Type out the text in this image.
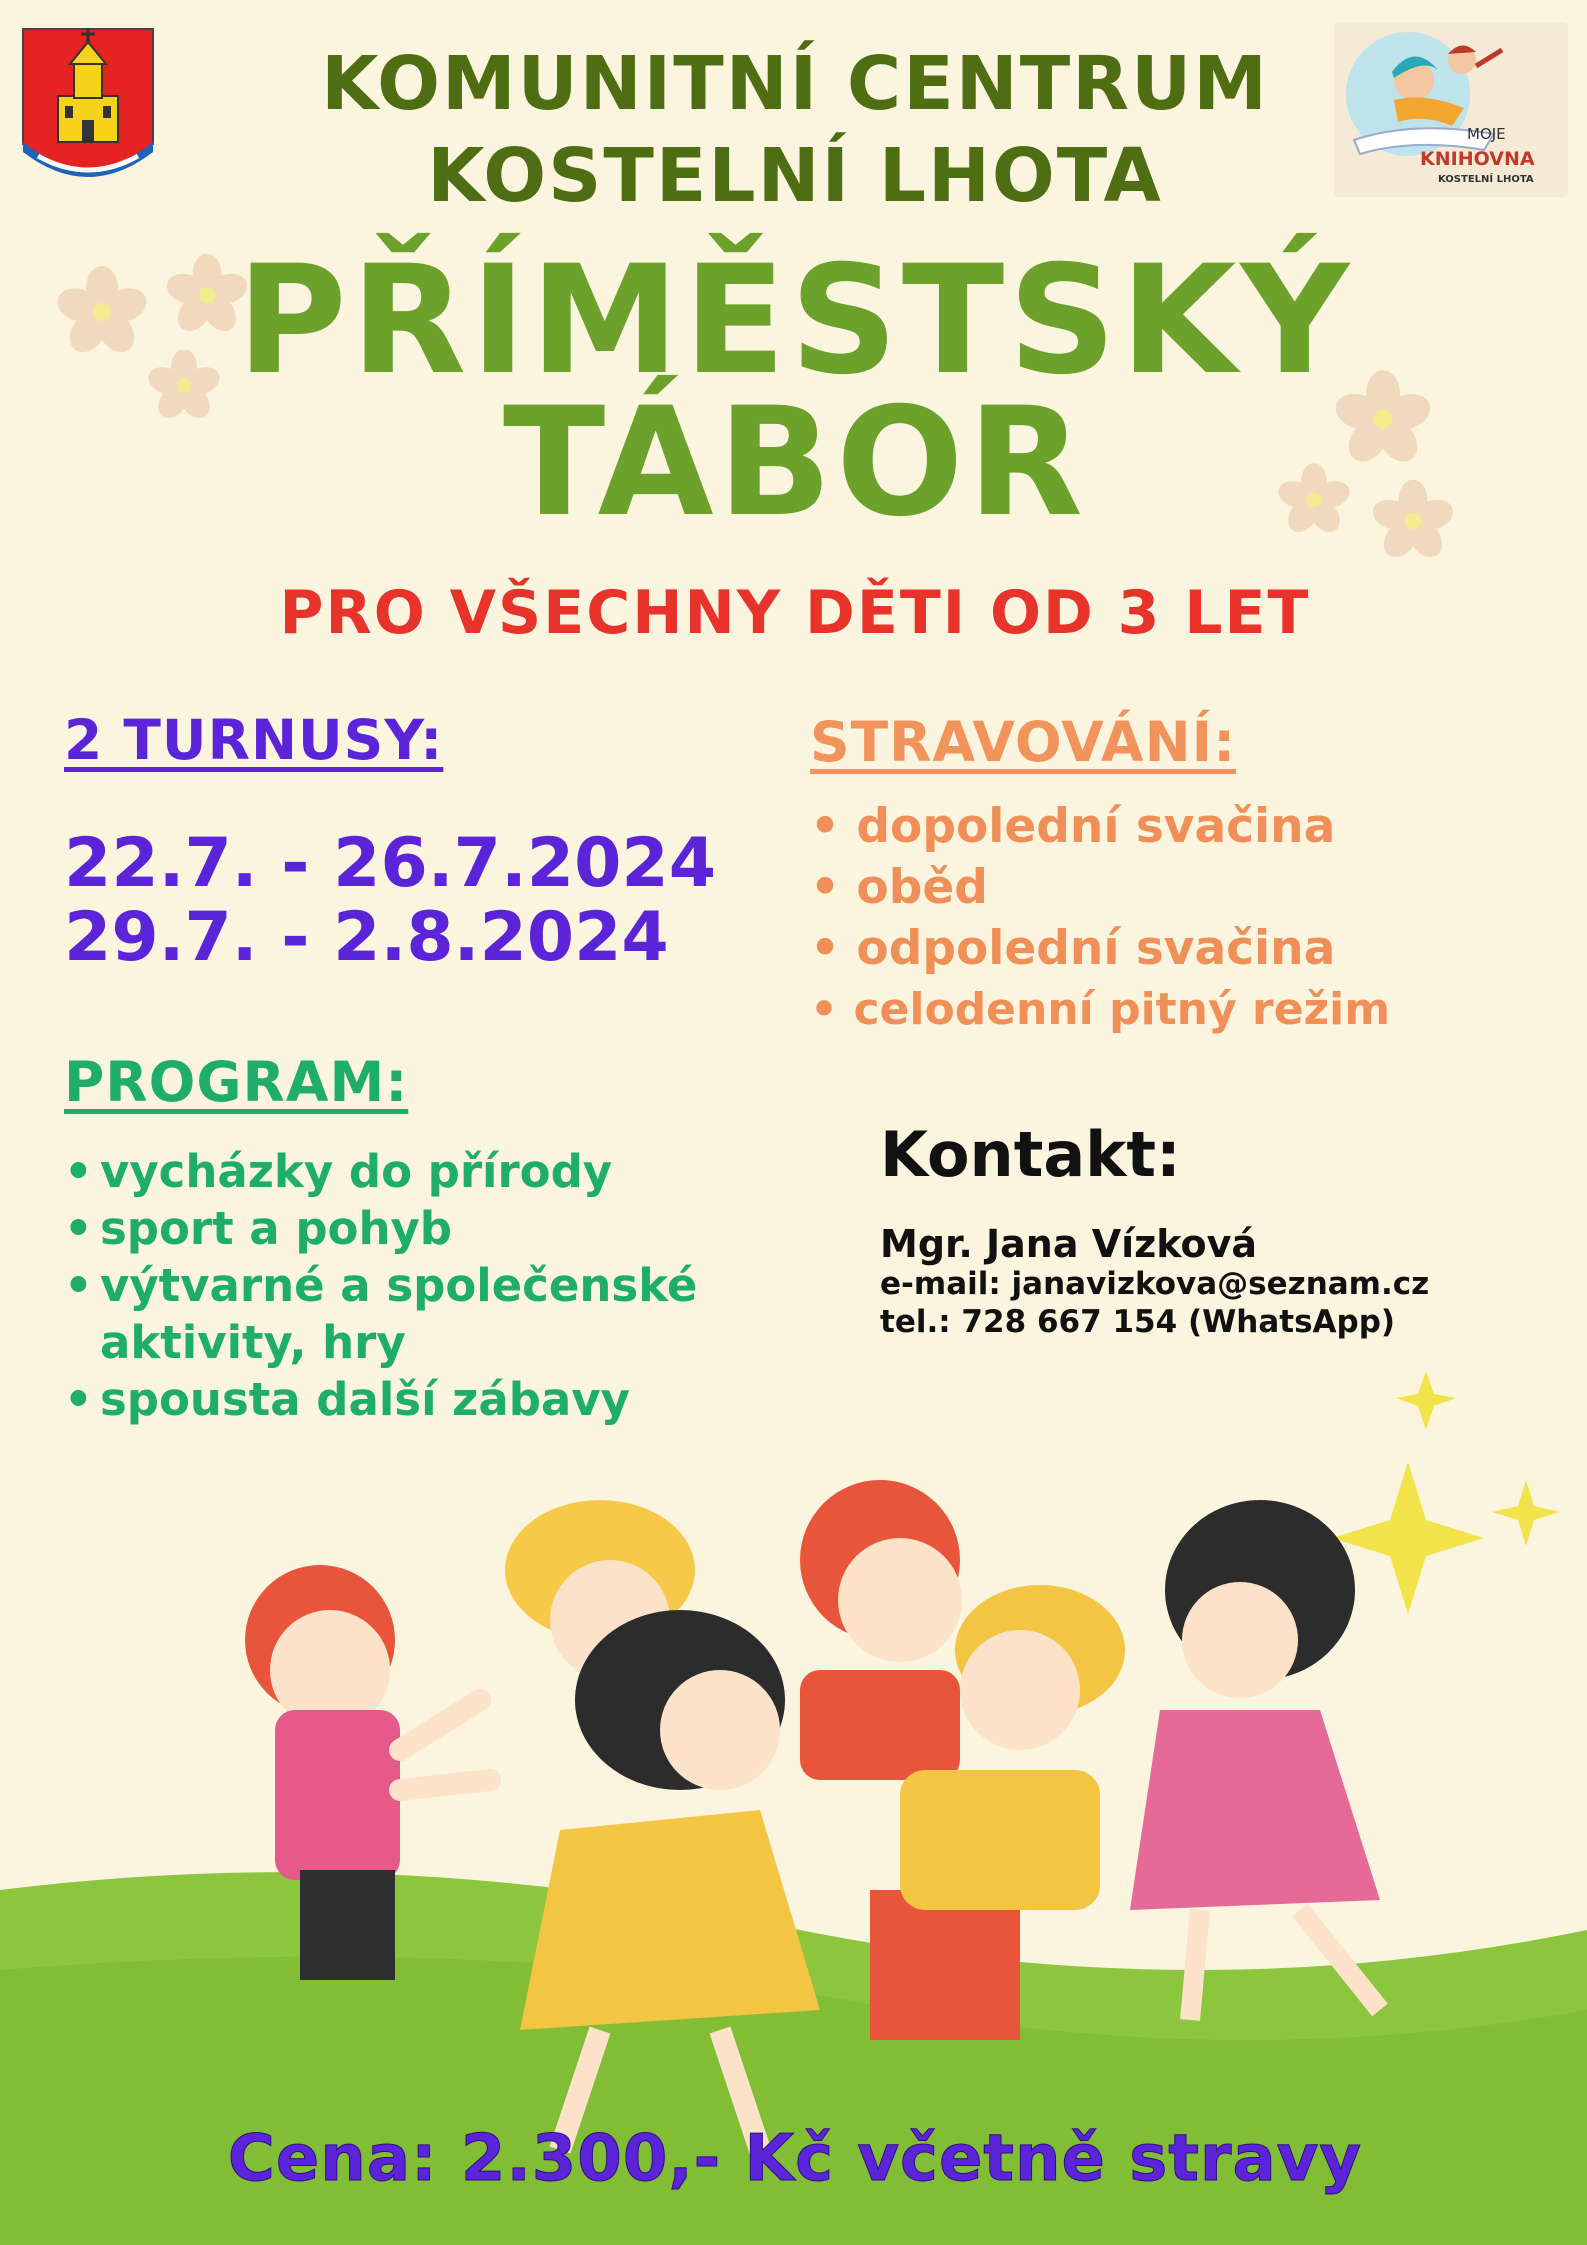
MOJE
KNIHOVNA
KOSTELNÍ LHOTA
KOMUNITNÍ CENTRUM
KOSTELNÍ LHOTA
PŘÍMĚSTSKÝ
TÁBOR
PRO VŠECHNY DĚTI OD 3 LET
2 TURNUSY:
22.7. - 26.7.2024
29.7. - 2.8.2024
STRAVOVÁNÍ:
• dopolední svačina
• oběd
• odpolední svačina
• celodenní pitný režim
PROGRAM:
• vycházky do přírody
• sport a pohyb
• výtvarné a společenské aktivity, hry
• spousta další zábavy
Kontakt:
Mgr. Jana Vízková
e-mail: janavizkova@seznam.cz
tel.: 728 667 154 (WhatsApp)
Cena: 2.300,- Kč včetně stravy
